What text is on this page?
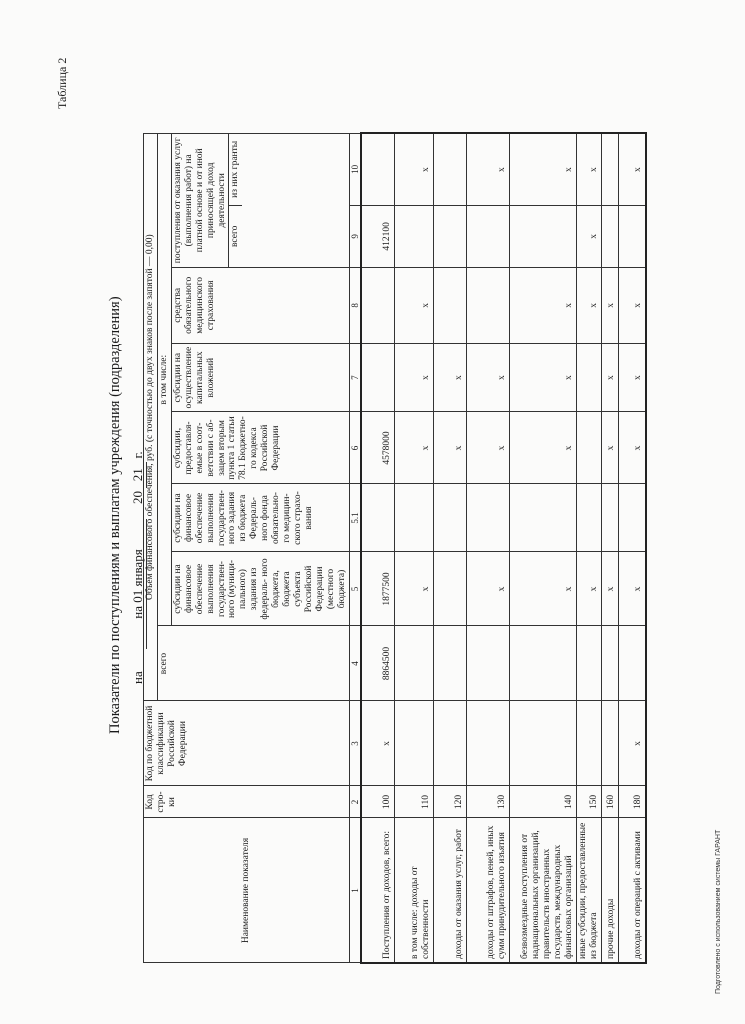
Подготовлено с использованием системы ГАРАНТ
Таблица 2
Показатели по поступлениям и выплатам учреждения (подразделения) на
на 01 января
20 21 г.
Наименование показателя	Код стро- ки	Код по бюджетной классификации Российской Федерации	Объем финансового обеспечения, руб. (с точностью до двух знаков после запятой — 0,00)							
			всего	в том числе:						
				субсидии на финансовое обеспечение выполнения государствен- ного (муници- пального) задания из федераль- ного бюджета, бюджета субъекта Российской Федерации (местного бюджета)	субсидии на финансовое обеспечение выполнения государствен- ного задания из бюджета Федераль- ного фонда обязательно- го медицин- ского страхо- вания	субсидии, предоставля- емые в соот- ветствии с аб- зацем вторым пункта 1 статьи 78.1 Бюджетно- го кодекса Российской Федерации	субсидии на осуществление капитальных вложений	средства обязательного медицинского страхования	поступления от оказания услуг (выполнения работ) на платной основе и от иной приносящей доход деятельности
всего
из них гранты	

1	2	3	4	5	5.1	6	7	8	9	10
Поступления от доходов, всего:	100	x	8864500	1877500		4578000			412100	
в том числе: доходы от собственности	110			x		x	x	x		x
доходы от оказания услуг, работ	120					x	x			
доходы от штрафов, пеней, иных сумм принудительного изъятия	130			x		x	x			x
безвозмездные поступления от наднациональных организаций, правительств иностранных государств, международных финансовых организаций	140			x		x	x	x		x
иные субсидии, предоставленные из бюджета	150			x				x	x	x
прочие доходы	160			x		x	x	x		
доходы от операций с активами	180	x		x		x	x	x		x
